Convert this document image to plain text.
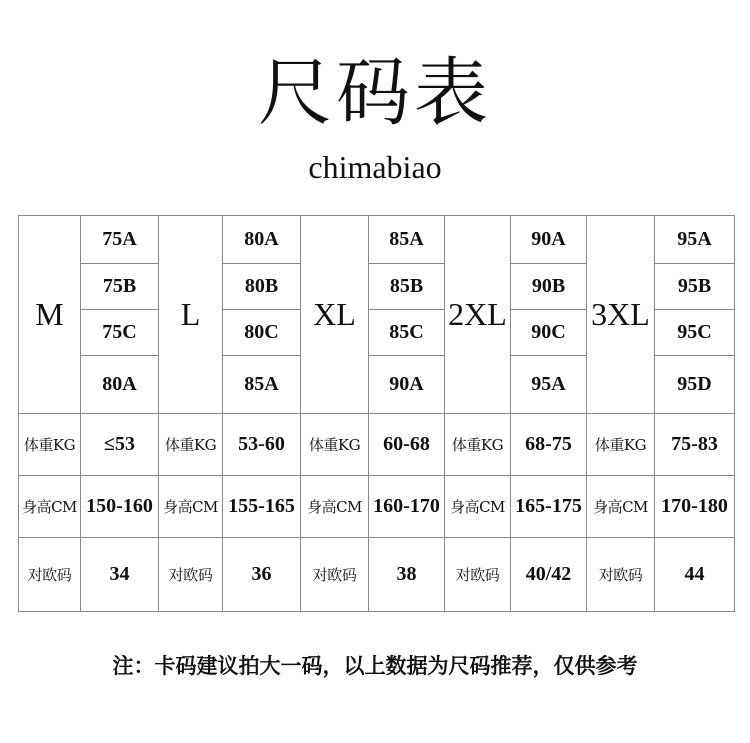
尺码表
chimabiao
M	75A	L	80A	XL	85A	2XL	90A	3XL	95A
	75B		80B		85B		90B		95B
	75C		80C		85C		90C		95C
	80A		85A		90A		95A		95D
体重KG	≤53	体重KG	53-60	体重KG	60-68	体重KG	68-75	体重KG	75-83
身高CM	150-160	身高CM	155-165	身高CM	160-170	身高CM	165-175	身高CM	170-180
对欧码	34	对欧码	36	对欧码	38	对欧码	40/42	对欧码	44
注：卡码建议拍大一码，以上数据为尺码推荐，仅供参考
